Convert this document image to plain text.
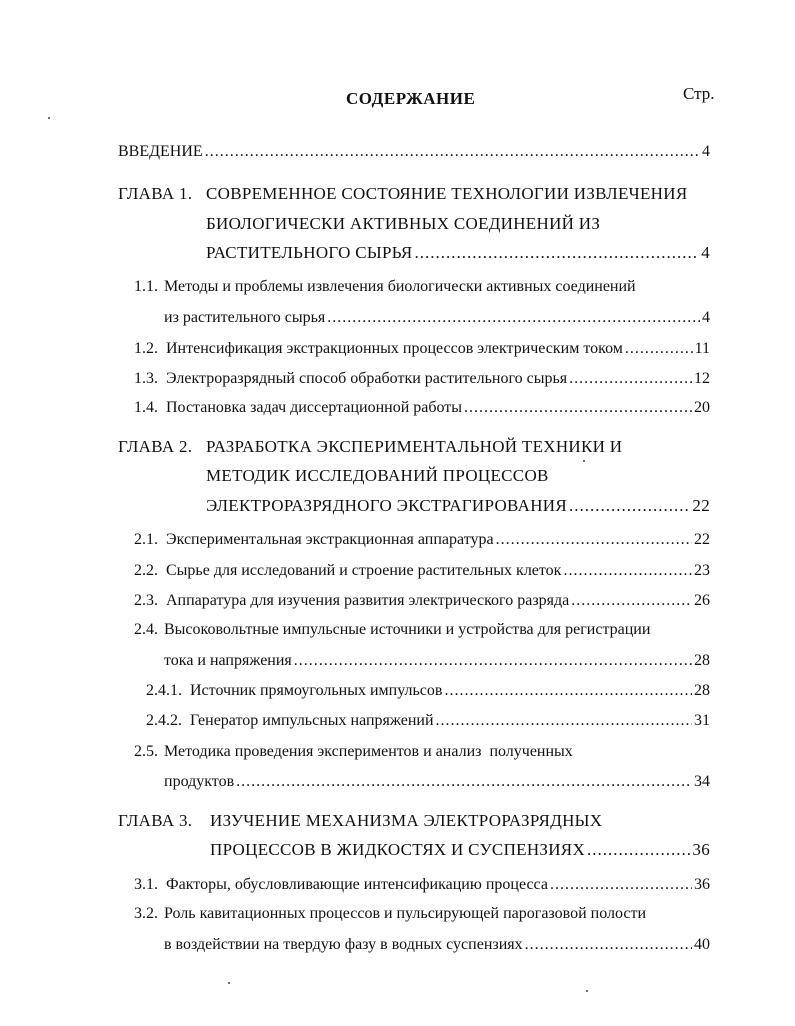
СОДЕРЖАНИЕ	Стр.
ВВЕДЕНИЕ .....	4
ГЛАВА 1. СОВРЕМЕННОЕ СОСТОЯНИЕ ТЕХНОЛОГИИ ИЗВЛЕЧЕНИЯ
БИОЛОГИЧЕСКИ АКТИВНЫХ СОЕДИНЕНИЙ ИЗ
РАСТИТЕЛЬНОГО СЫРЬЯ .....	4
1.1. Методы и проблемы извлечения биологически активных соединений
из растительного сырья .....	4
1.2. Интенсификация экстракционных процессов электрическим током .....	11
1.3. Электроразрядный способ обработки растительного сырья .....	12
1.4. Постановка задач диссертационной работы .....	20
ГЛАВА 2. РАЗРАБОТКА ЭКСПЕРИМЕНТАЛЬНОЙ ТЕХНИКИ И
МЕТОДИК ИССЛЕДОВАНИЙ ПРОЦЕССОВ
ЭЛЕКТРОРАЗРЯДНОГО ЭКСТРАГИРОВАНИЯ .....	22
2.1. Экспериментальная экстракционная аппаратура .....	22
2.2. Сырье для исследований и строение растительных клеток .....	23
2.3. Аппаратура для изучения развития электрического разряда .....	26
2.4. Высоковольтные импульсные источники и устройства для регистрации
тока и напряжения .....	28
2.4.1. Источник прямоугольных импульсов .....	28
2.4.2. Генератор импульсных напряжений .....	31
2.5. Методика проведения экспериментов и анализ  полученных
продуктов .....	34
ГЛАВА 3. ИЗУЧЕНИЕ МЕХАНИЗМА ЭЛЕКТРОРАЗРЯДНЫХ
ПРОЦЕССОВ В ЖИДКОСТЯХ И СУСПЕНЗИЯХ .....	36
3.1. Факторы, обусловливающие интенсификацию процесса .....	36
3.2. Роль кавитационных процессов и пульсирующей парогазовой полости
в воздействии на твердую фазу в водных суспензиях .....	40
